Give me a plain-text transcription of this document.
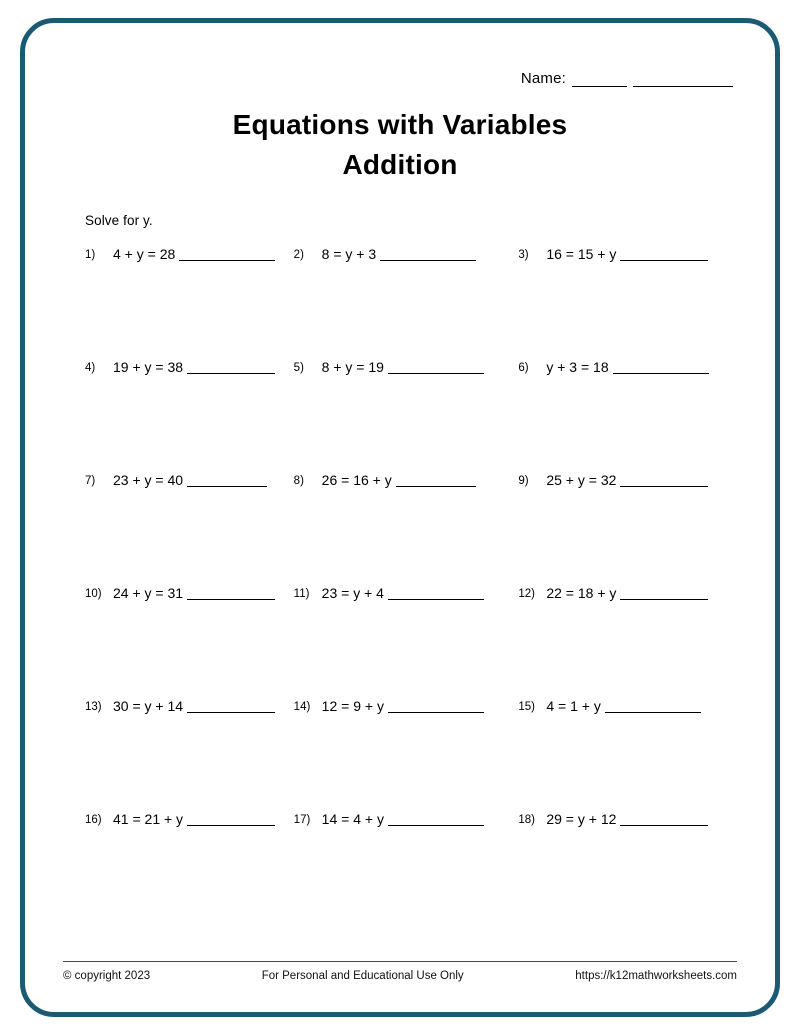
Name:
Equations with Variables
Addition
Solve for y.
1)	4 + y = 28	2)	8 = y + 3	3)	16 = 15 + y
4)	19 + y = 38	5)	8 + y = 19	6)	y + 3 = 18
7)	23 + y = 40	8)	26 = 16 + y	9)	25 + y = 32
10) 24 + y = 31	11) 23 = y + 4	12) 22 = 18 + y
13) 30 = y + 14	14) 12 = 9 + y	15) 4 = 1 + y
16) 41 = 21 + y	17) 14 = 4 + y	18) 29 = y + 12
© copyright 2023	For Personal and Educational Use Only	https://k12mathworksheets.com
